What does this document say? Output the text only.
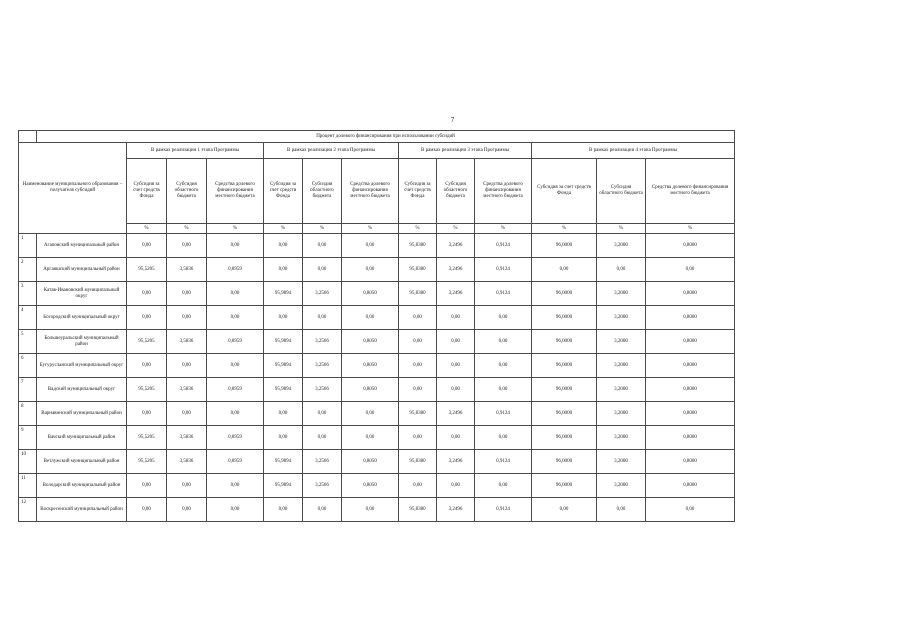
7
	Процент долевого финансирования при использовании субсидий												
Наименование муниципального образования – получателя субсидий		В рамках реализации 1 этапа Программы			В рамках реализации 2 этапа Программы			В рамках реализации 3 этапа Программы			В рамках реализации 4 этапа Программы		
		Субсидия за счет средств Фонда	Субсидия областного бюджета	Средства долевого финансирования местного бюджета	Субсидия за счет средств Фонда	Субсидия областного бюджета	Средства долевого финансирования местного бюджета	Субсидия за счет средств Фонда	Субсидия областного бюджета	Средства долевого финансирования местного бюджета	Субсидия за счет средств Фонда	Субсидия областного бюджета	Средства долевого финансирования местного бюджета
		%	%	%	%	%	%	%	%	%	%	%	%
1	Агаповский муниципальный район	0,00	0,00	0,00	0,00	0,00	0,00	95,8380	3,2496	0,9124	96,0000	3,2000	0,8000
2	Аргаяшский муниципальный район	95,5205	3,5836	0,8959	0,00	0,00	0,00	95,8380	3,2496	0,9124	0,00	0,00	0,00
3	Катав-Ивановский муниципальный округ	0,00	0,00	0,00	95,9894	3,2566	0,8050	95,8380	3,2496	0,9124	96,0000	3,2000	0,8000
4	Богородский муниципальный округ	0,00	0,00	0,00	0,00	0,00	0,00	0,00	0,00	0,00	96,0000	3,2000	0,8000
5	Большеуральский муниципальный район	95,5205	3,5836	0,8959	95,9894	3,2566	0,8050	0,00	0,00	0,00	96,0000	3,2000	0,8000
6	Бугурусланский муниципальный округ	0,00	0,00	0,00	95,9894	3,2566	0,8050	0,00	0,00	0,00	96,0000	3,2000	0,8000
7	Вадский муниципальный округ	95,5205	3,5836	0,8959	95,9894	3,2566	0,8050	0,00	0,00	0,00	96,0000	3,2000	0,8000
8	Варнавинский муниципальный район	0,00	0,00	0,00	0,00	0,00	0,00	95,8380	3,2496	0,9124	96,0000	3,2000	0,8000
9	Вачский муниципальный район	95,5205	3,5836	0,8959	0,00	0,00	0,00	0,00	0,00	0,00	96,0000	3,2000	0,8000
10	Ветлужский муниципальный район	95,5205	3,5836	0,8959	95,9894	3,2566	0,8050	95,8380	3,2496	0,9124	96,0000	3,2000	0,8000
11	Володарский муниципальный район	0,00	0,00	0,00	95,9894	3,2566	0,8050	0,00	0,00	0,00	96,0000	3,2000	0,8000
12	Воскресенский муниципальный район	0,00	0,00	0,00	0,00	0,00	0,00	95,8380	3,2496	0,9124	0,00	0,00	0,00
